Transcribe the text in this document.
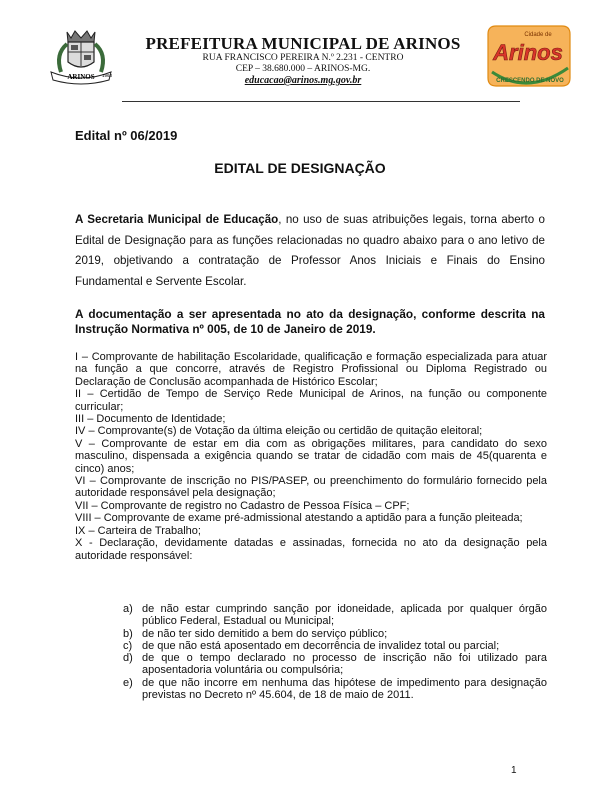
ARINOS 1963
PREFEITURA MUNICIPAL DE ARINOS
RUA FRANCISCO PEREIRA N.º 2.231 - CENTRO
CEP – 38.680.000 – ARINOS-MG.
educacao@arinos.mg.gov.br
Cidade de
Arinos
CRESCENDO DE NOVO
Edital nº 06/2019
EDITAL DE DESIGNAÇÃO

A Secretaria Municipal de Educação, no uso de suas atribuições legais, torna aberto o Edital de Designação para as funções relacionadas no quadro abaixo para o ano letivo de 2019, objetivando a contratação de Professor Anos Iniciais e Finais do Ensino Fundamental e Servente Escolar.

A documentação a ser apresentada no ato da designação, conforme descrita na Instrução Normativa nº 005, de 10 de Janeiro de 2019.

I – Comprovante de habilitação Escolaridade, qualificação e formação especializada para atuar na função a que concorre, através de Registro Profissional ou Diploma Registrado ou Declaração de Conclusão acompanhada de Histórico Escolar;

II – Certidão de Tempo de Serviço Rede Municipal de Arinos, na função ou componente curricular;

III – Documento de Identidade;

IV – Comprovante(s) de Votação da última eleição ou certidão de quitação eleitoral;

V – Comprovante de estar em dia com as obrigações militares, para candidato do sexo masculino, dispensada a exigência quando se tratar de cidadão com mais de 45(quarenta e cinco) anos;

VI – Comprovante de inscrição no PIS/PASEP, ou preenchimento do formulário fornecido pela autoridade responsável pela designação;

VII – Comprovante de registro no Cadastro de Pessoa Física – CPF;

VIII – Comprovante de exame pré-admissional atestando a aptidão para a função pleiteada;

IX – Carteira de Trabalho;

X - Declaração, devidamente datadas e assinadas, fornecida no ato da designação pela autoridade responsável:

a) de não estar cumprindo sanção por idoneidade, aplicada por qualquer órgão público Federal, Estadual ou Municipal;
b) de não ter sido demitido a bem do serviço público;
c) de que não está aposentado em decorrência de invalidez total ou parcial;
d) de que o tempo declarado no processo de inscrição não foi utilizado para aposentadoria voluntária ou compulsória;
e) de que não incorre em nenhuma das hipótese de impedimento para designação previstas no Decreto nº 45.604, de 18 de maio de 2011.
1
